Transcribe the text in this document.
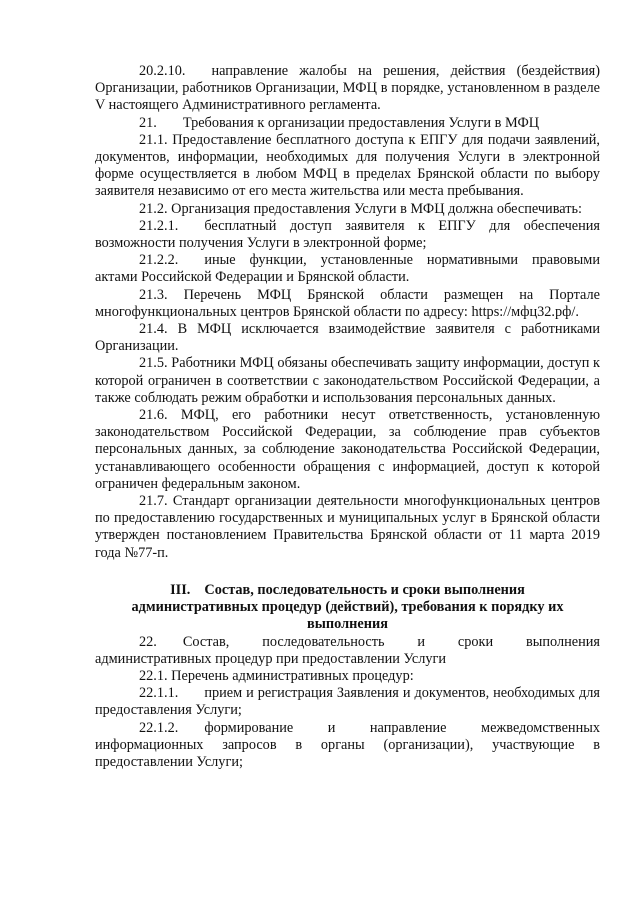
20.2.10. направление жалобы на решения, действия (бездействия) Организации, работников Организации, МФЦ в порядке, установленном в разделе V настоящего Административного регламента.

21. Требования к организации предоставления Услуги в МФЦ

21.1. Предоставление бесплатного доступа к ЕПГУ для подачи заявлений, документов, информации, необходимых для получения Услуги в электронной форме осуществляется в любом МФЦ в пределах Брянской области по выбору заявителя независимо от его места жительства или места пребывания.

21.2. Организация предоставления Услуги в МФЦ должна обеспечивать:

21.2.1. бесплатный доступ заявителя к ЕПГУ для обеспечения возможности получения Услуги в электронной форме;

21.2.2. иные функции, установленные нормативными правовыми актами Российской Федерации и Брянской области.

21.3. Перечень МФЦ Брянской области размещен на Портале многофункциональных центров Брянской области по адресу: https://мфц32.рф/.

21.4. В МФЦ исключается взаимодействие заявителя с работниками Организации.

21.5. Работники МФЦ обязаны обеспечивать защиту информации, доступ к которой ограничен в соответствии с законодательством Российской Федерации, а также соблюдать режим обработки и использования персональных данных.

21.6. МФЦ, его работники несут ответственность, установленную законодательством Российской Федерации, за соблюдение прав субъектов персональных данных, за соблюдение законодательства Российской Федерации, устанавливающего особенности обращения с информацией, доступ к которой ограничен федеральным законом.

21.7. Стандарт организации деятельности многофункциональных центров по предоставлению государственных и муниципальных услуг в Брянской области утвержден постановлением Правительства Брянской области от 11 марта 2019 года №77-п.

III. Состав, последовательность и сроки выполнения административных процедур (действий), требования к порядку их выполнения

22. Состав, последовательность и сроки выполнения административных процедур при предоставлении Услуги

22.1. Перечень административных процедур:

22.1.1. прием и регистрация Заявления и документов, необходимых для предоставления Услуги;

22.1.2. формирование и направление межведомственных информационных запросов в органы (организации), участвующие в предоставлении Услуги;
